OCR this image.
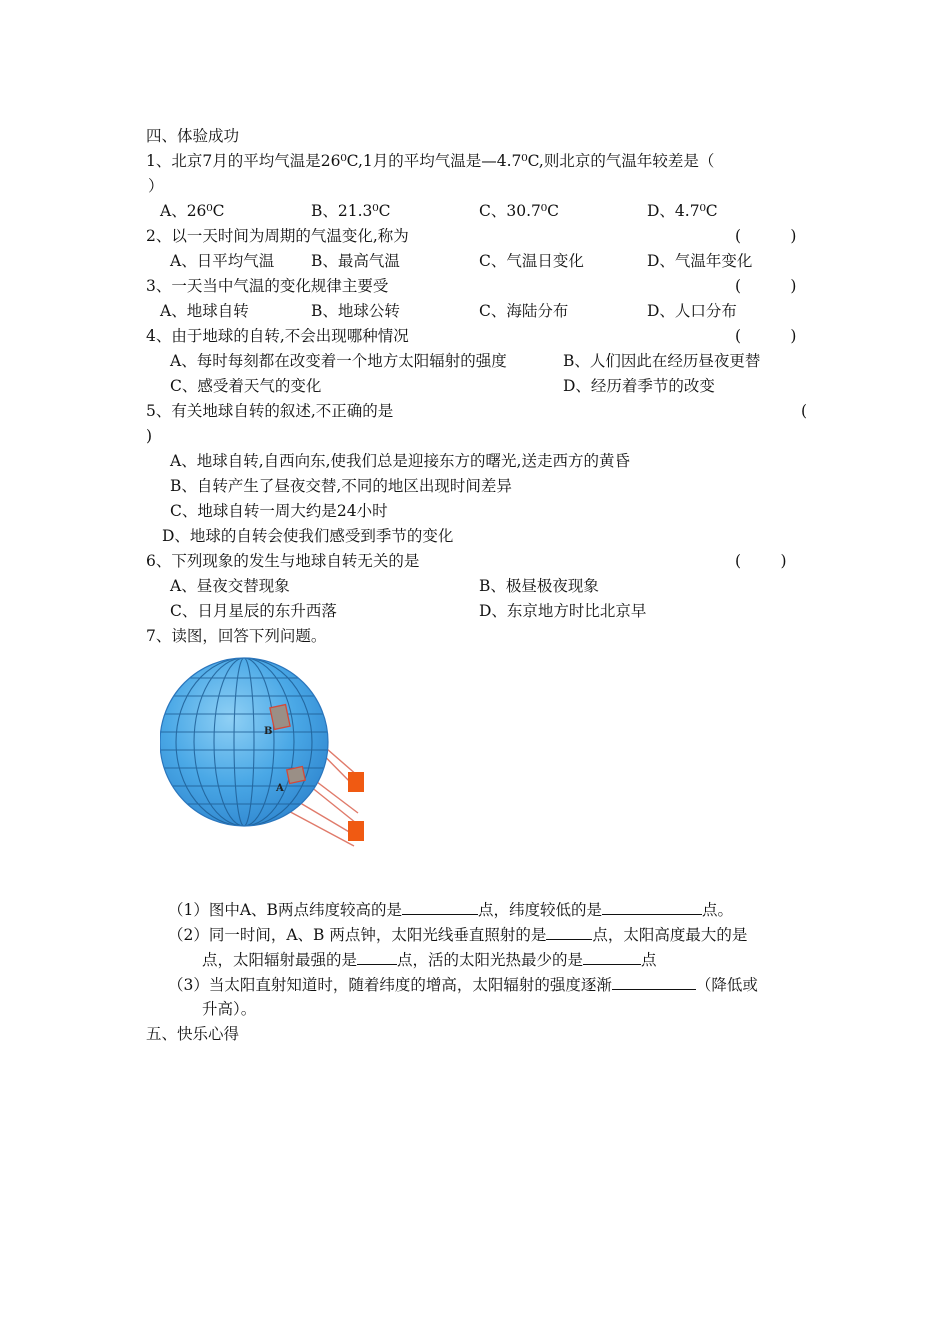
四、体验成功
1、北京7月的平均气温是26⁰C,1月的平均气温是—4.7⁰C,则北京的气温年较差是（
）
A、26⁰C	B、21.3⁰C	C、30.7⁰C	D、4.7⁰C
2、以一天时间为周期的气温变化,称为	(          )
A、日平均气温 B、最高气温	C、气温日变化	D、气温年变化
3、一天当中气温的变化规律主要受	(          )
A、地球自转	B、地球公转	C、海陆分布	D、人口分布
4、由于地球的自转,不会出现哪种情况	(          )
A、每时每刻都在改变着一个地方太阳辐射的强度	B、人们因此在经历昼夜更替
C、感受着天气的变化	D、经历着季节的改变
5、有关地球自转的叙述,不正确的是	(
)
A、地球自转,自西向东,使我们总是迎接东方的曙光,送走西方的黄昏
B、自转产生了昼夜交替,不同的地区出现时间差异
C、地球自转一周大约是24小时
D、地球的自转会使我们感受到季节的变化
6、下列现象的发生与地球自转无关的是	(        )
A、昼夜交替现象	B、极昼极夜现象
C、日月星辰的东升西落	D、东京地方时比北京早
7、读图，回答下列问题。
B
A
（1）图中A、B两点纬度较高的是	点，纬度较低的是	点。
（2）同一时间，A、B 两点钟，太阳光线垂直照射的是	点，太阳高度最大的是
点，太阳辐射最强的是	点，活的太阳光热最少的是	点
（3）当太阳直射知道时，随着纬度的增高，太阳辐射的强度逐渐	（降低或
升高）。
五、快乐心得
